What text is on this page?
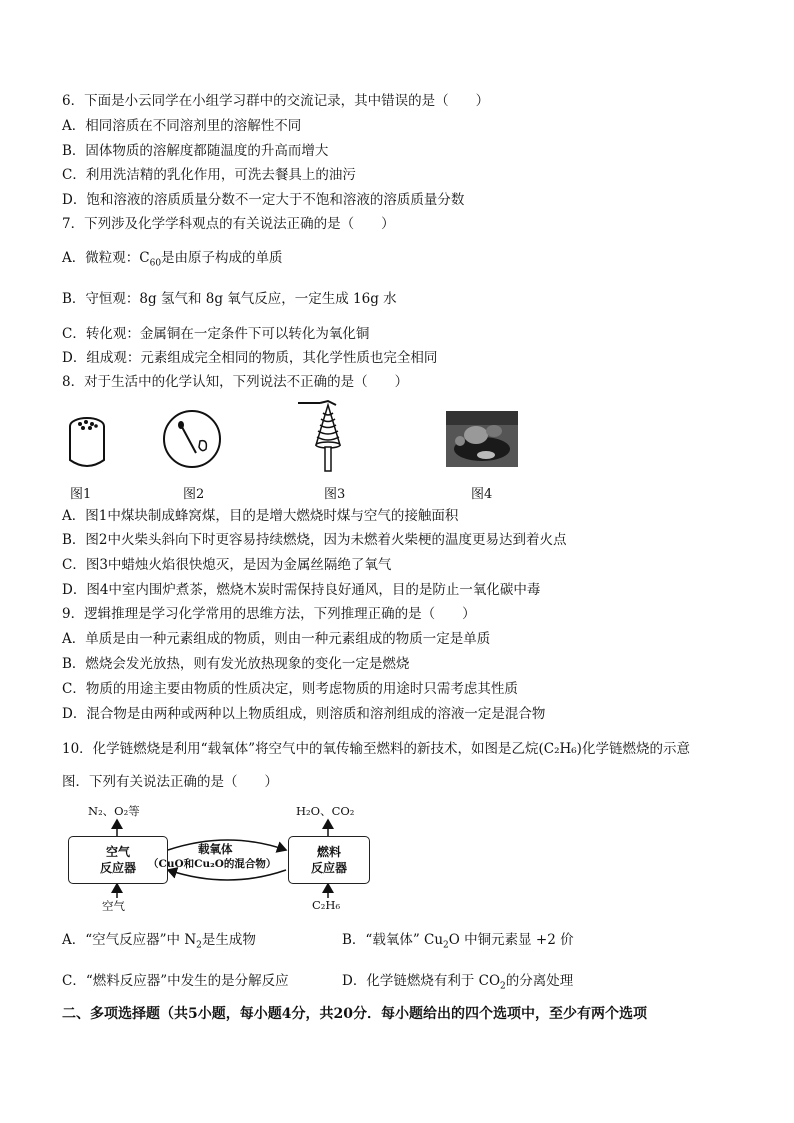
6．下面是小云同学在小组学习群中的交流记录，其中错误的是（　　）
A．相同溶质在不同溶剂里的溶解性不同
B．固体物质的溶解度都随温度的升高而增大
C．利用洗洁精的乳化作用，可洗去餐具上的油污
D．饱和溶液的溶质质量分数不一定大于不饱和溶液的溶质质量分数
7．下列涉及化学学科观点的有关说法正确的是（　　）
A．微粒观：$C_{60}$是由原子构成的单质
B．守恒观：8g 氢气和 8g 氧气反应，一定生成 16g 水
C．转化观：金属铜在一定条件下可以转化为氧化铜
D．组成观：元素组成完全相同的物质，其化学性质也完全相同
8．对于生活中的化学认知，下列说法不正确的是（　　）
图1	图2	图3	图4
A．图1中煤块制成蜂窝煤，目的是增大燃烧时煤与空气的接触面积
B．图2中火柴头斜向下时更容易持续燃烧，因为未燃着火柴梗的温度更易达到着火点
C．图3中蜡烛火焰很快熄灭，是因为金属丝隔绝了氧气
D．图4中室内围炉煮茶，燃烧木炭时需保持良好通风，目的是防止一氧化碳中毒
9．逻辑推理是学习化学常用的思维方法，下列推理正确的是（　　）
A．单质是由一种元素组成的物质，则由一种元素组成的物质一定是单质
B．燃烧会发光放热，则有发光放热现象的变化一定是燃烧
C．物质的用途主要由物质的性质决定，则考虑物质的用途时只需考虑其性质
D．混合物是由两种或两种以上物质组成，则溶质和溶剂组成的溶液一定是混合物
10．化学链燃烧是利用“载氧体”将空气中的氧传输至燃料的新技术，如图是乙烷(C₂H₆)化学链燃烧的示意
图．下列有关说法正确的是（　　）
N₂、O₂等	H₂O、CO₂
空气
反应器
燃料
反应器
载氧体
（CuO和Cu₂O的混合物）
空气	C₂H₆
A．“空气反应器”中 $N_2$是生成物	B．“载氧体” $Cu_2O$ 中铜元素显 +2 价
C．“燃料反应器”中发生的是分解反应	D．化学链燃烧有利于 $CO_2$的分离处理
二、多项选择题（共5小题，每小题4分，共20分．每小题给出的四个选项中，至少有两个选项
